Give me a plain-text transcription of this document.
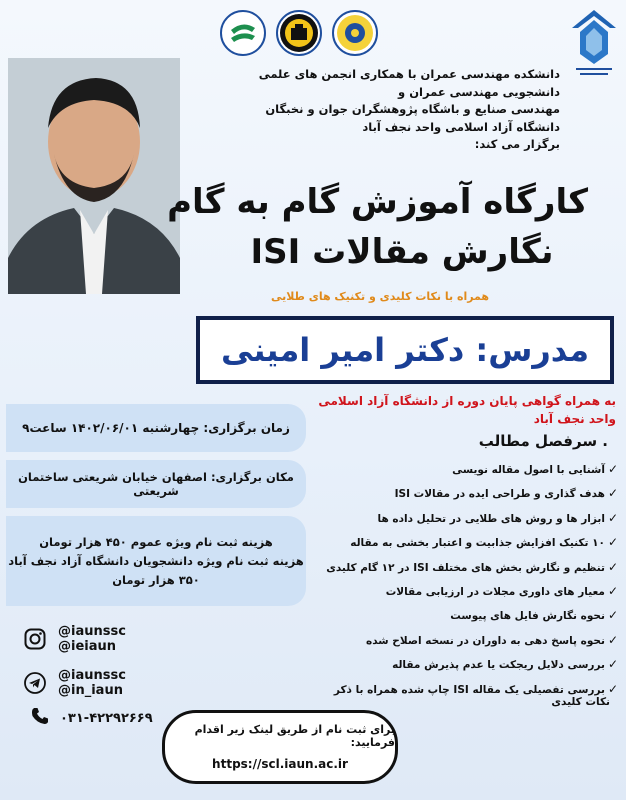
دانشکده مهندسی عمران با همکاری انجمن های علمی
دانشجویی مهندسی عمران و
مهندسی صنایع و باشگاه پژوهشگران جوان و نخبگان
دانشگاه آزاد اسلامی واحد نجف آباد
برگزار می کند:
کارگاه آموزش گام به گام
نگارش مقالات ISI
همراه با نکات کلیدی و تکنیک های طلایی
مدرس: دکتر امیر امینی
به همراه گواهی پایان دوره از دانشگاه آزاد اسلامی واحد نجف آباد
زمان برگزاری: چهارشنبه ۱۴۰۲/۰۶/۰۱ ساعت۹
مکان برگزاری: اصفهان خیابان شریعتی ساختمان شریعتی
هزینه ثبت نام ویژه عموم ۴۵۰ هزار تومان
هزینه ثبت نام ویژه دانشجویان دانشگاه آزاد نجف آباد
۳۵۰ هزار تومان
. سرفصل مطالب
✓آشنایی با اصول مقاله نویسی
✓هدف گذاری و طراحی ایده در مقالات ISI
✓ابزار ها و روش های طلایی در تحلیل داده ها
✓۱۰ تکنیک افزایش جذابیت و اعتبار بخشی به مقاله
✓تنظیم و نگارش بخش های مختلف ISI در ۱۲ گام کلیدی
✓معیار های داوری مجلات در ارزیابی مقالات
✓نحوه نگارش فایل های پیوست
✓نحوه پاسخ دهی به داوران در نسخه اصلاح شده
✓بررسی دلایل ریجکت یا عدم پذیرش مقاله
✓بررسی تفصیلی یک مقاله ISI چاپ شده همراه با ذکر
نکات کلیدی
@iaunssc
@ieiaun
@iaunssc
@in_iaun
۰۳۱-۴۲۲۹۲۶۶۹
برای ثبت نام از طریق لینک زیر اقدام فرمایید:
https://scl.iaun.ac.ir
